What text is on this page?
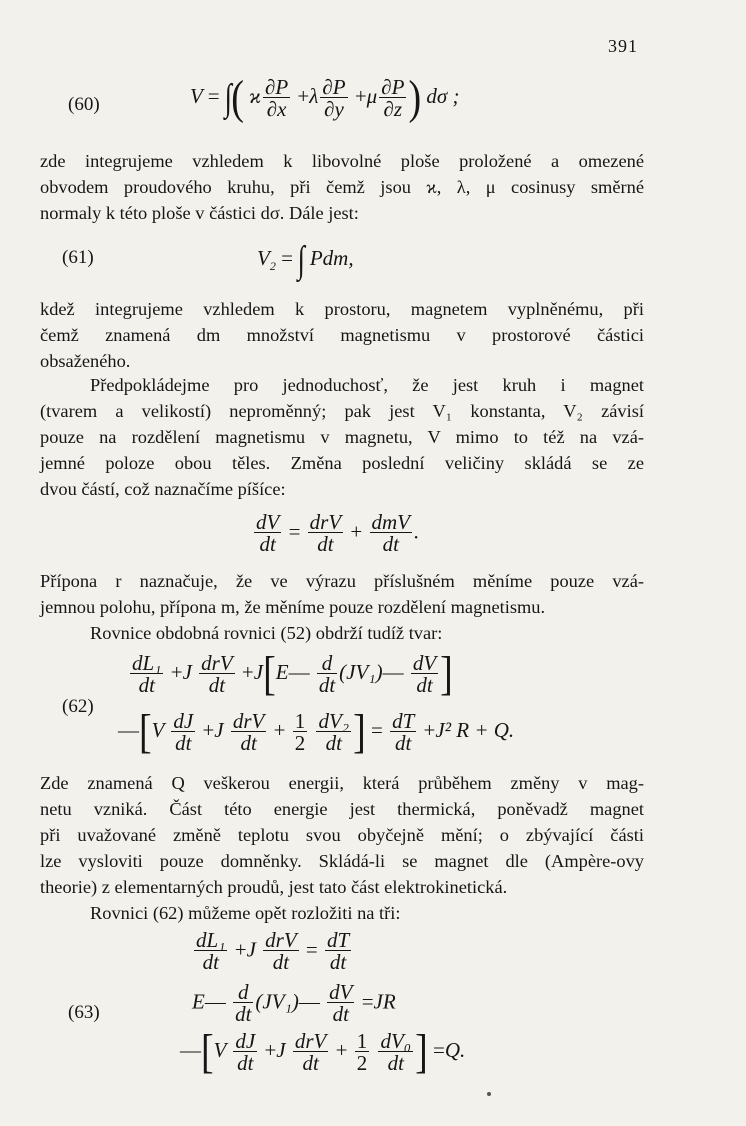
391
(60)	V = ∫( ϰ $\frac{\partial P}{\partial x} +\lambda \frac{\partial P}{\partial y} +\mu \frac{\partial P}{\partial z}$ ) dσ ;
zde integrujeme vzhledem k libovolné ploše proložené a omezené
obvodem proudového kruhu, při čemž jsou ϰ, λ, μ cosinusy směrné
normaly k této ploše v částici dσ. Dále jest:
(61)	$V_2$ = ∫ Pdm,
kdež integrujeme vzhledem k prostoru, magnetem vyplněnému, při
čemž znamená dm množství magnetismu v prostorové částici
obsaženého.
Předpokládejme pro jednoduchosť, že jest kruh i magnet
(tvarem a velikostí) neproměnný; pak jest V₁ konstanta, V₂ závisí
pouze na rozdělení magnetismu v magnetu, V mimo to též na vzá-
jemné poloze obou těles. Změna poslední veličiny skládá se ze
dvou částí, což naznačíme píšíce:
$\frac{dV}{dt} = \frac{\text{drV}}{dt} + \frac{\text{dmV}}{dt}$ .
Přípona r naznačuje, že ve výrazu příslušném měníme pouze vzá-
jemnou polohu, přípona m, že měníme pouze rozdělení magnetismu.
Rovnice obdobná rovnici (52) obdrží tudíž tvar:
(62)
$\frac{\text{dL₁}}{dt} +J \frac{\text{drV}}{dt}$ +J[E— $\frac{d}{dt}$ (JV₁)— $\frac{dV}{dt}$ ]
—[V $\frac{dJ}{dt} +J \frac{\text{drV}}{dt} + \frac{1}{2}$
$\frac{\text{dV₂}}{dt}$ ] = $\frac{dT}{dt} +J^2$ R + Q.
Zde znamená Q veškerou energii, která průběhem změny v mag-
netu vzniká. Část této energie jest thermická, poněvadž magnet
při uvažované změně teplotu svou obyčejně mění; o zbývající části
lze vysloviti pouze domněnky. Skládá-li se magnet dle (Ampère-ovy
theorie) z elementarných proudů, jest tato část elektrokinetická.
Rovnici (62) můžeme opět rozložiti na tři:
(63)
$\frac{\text{dL₁}}{dt} +J \frac{\text{drV}}{dt} = \frac{dT}{dt}$
E— $\frac{d}{dt}$ (JV₁)— $\frac{dV}{dt} =JR$
—[V $\frac{dJ}{dt} +J \frac{\text{drV}}{dt} + \frac{1}{2}$
$\frac{\text{dV₀}}{dt}$ ] =Q.
